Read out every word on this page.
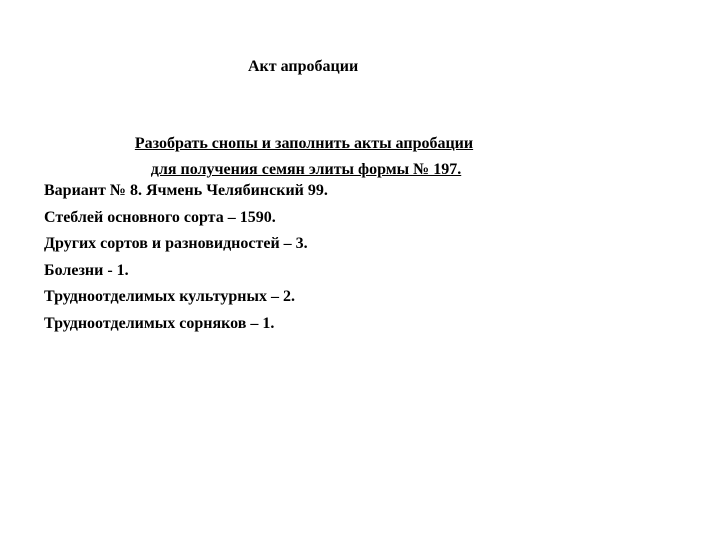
Акт апробации
Разобрать снопы и заполнить акты апробации
для получения семян элиты формы № 197.
Вариант № 8. Ячмень Челябинский 99.
Стеблей основного сорта – 1590.
Других сортов и разновидностей – 3.
Болезни - 1.
Трудноотделимых культурных – 2.
Трудноотделимых сорняков – 1.
